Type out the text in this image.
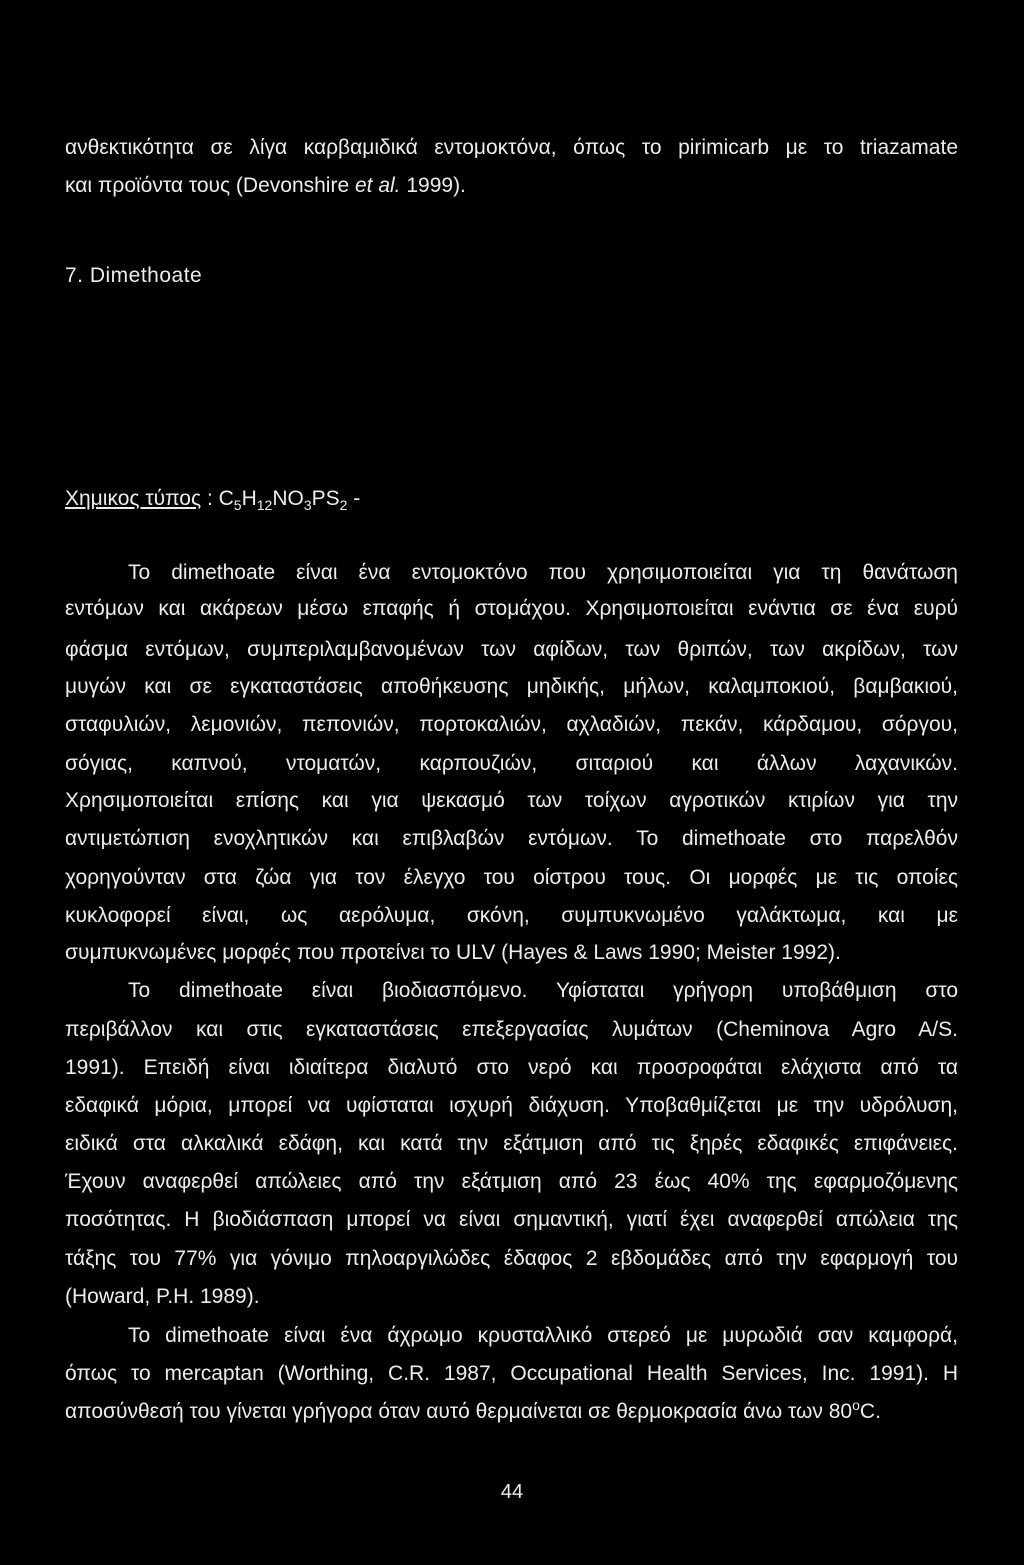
ανθεκτικότητα σε λίγα καρβαμιδικά εντομοκτόνα, όπως το pirimicarb με το triazamate
και προϊόντα τους (Devonshire et al. 1999).
7. Dimethoate
Χημικος τύπος : $C_5H_{12}NO_3PS_2$ -
Το dimethoate είναι ένα εντομοκτόνο που χρησιμοποιείται για τη θανάτωση
εντόμων και ακάρεων μέσω επαφής ή στομάχου. Χρησιμοποιείται ενάντια σε ένα ευρύ
φάσμα εντόμων, συμπεριλαμβανομένων των αφίδων, των θριπών, των ακρίδων, των
μυγών και σε εγκαταστάσεις αποθήκευσης μηδικής, μήλων, καλαμποκιού, βαμβακιού,
σταφυλιών, λεμονιών, πεπονιών, πορτοκαλιών, αχλαδιών, πεκάν, κάρδαμου, σόργου,
σόγιας, καπνού, ντοματών, καρπουζιών, σιταριού και άλλων λαχανικών.
Χρησιμοποιείται επίσης και για ψεκασμό των τοίχων αγροτικών κτιρίων για την
αντιμετώπιση ενοχλητικών και επιβλαβών εντόμων. Το dimethoate στο παρελθόν
χορηγούνταν στα ζώα για τον έλεγχο του οίστρου τους. Οι μορφές με τις οποίες
κυκλοφορεί είναι, ως αερόλυμα, σκόνη, συμπυκνωμένο γαλάκτωμα, και με
συμπυκνωμένες μορφές που προτείνει το ULV (Hayes & Laws 1990; Meister 1992).
Το dimethoate είναι βιοδιασπόμενο. Υφίσταται γρήγορη υποβάθμιση στο
περιβάλλον και στις εγκαταστάσεις επεξεργασίας λυμάτων (Cheminova Agro A/S.
1991). Επειδή είναι ιδιαίτερα διαλυτό στο νερό και προσροφάται ελάχιστα από τα
εδαφικά μόρια, μπορεί να υφίσταται ισχυρή διάχυση. Υποβαθμίζεται με την υδρόλυση,
ειδικά στα αλκαλικά εδάφη, και κατά την εξάτμιση από τις ξηρές εδαφικές επιφάνειες.
Έχουν αναφερθεί απώλειες από την εξάτμιση από 23 έως 40% της εφαρμοζόμενης
ποσότητας. Η βιοδιάσπαση μπορεί να είναι σημαντική, γιατί έχει αναφερθεί απώλεια της
τάξης του 77% για γόνιμο πηλοαργιλώδες έδαφος 2 εβδομάδες από την εφαρμογή του
(Howard, P.H. 1989).
Το dimethoate είναι ένα άχρωμο κρυσταλλικό στερεό με μυρωδιά σαν καμφορά,
όπως το mercaptan (Worthing, C.R. 1987, Occupational Health Services, Inc. 1991). Η
αποσύνθεσή του γίνεται γρήγορα όταν αυτό θερμαίνεται σε θερμοκρασία άνω των 80$^o$C.
44
